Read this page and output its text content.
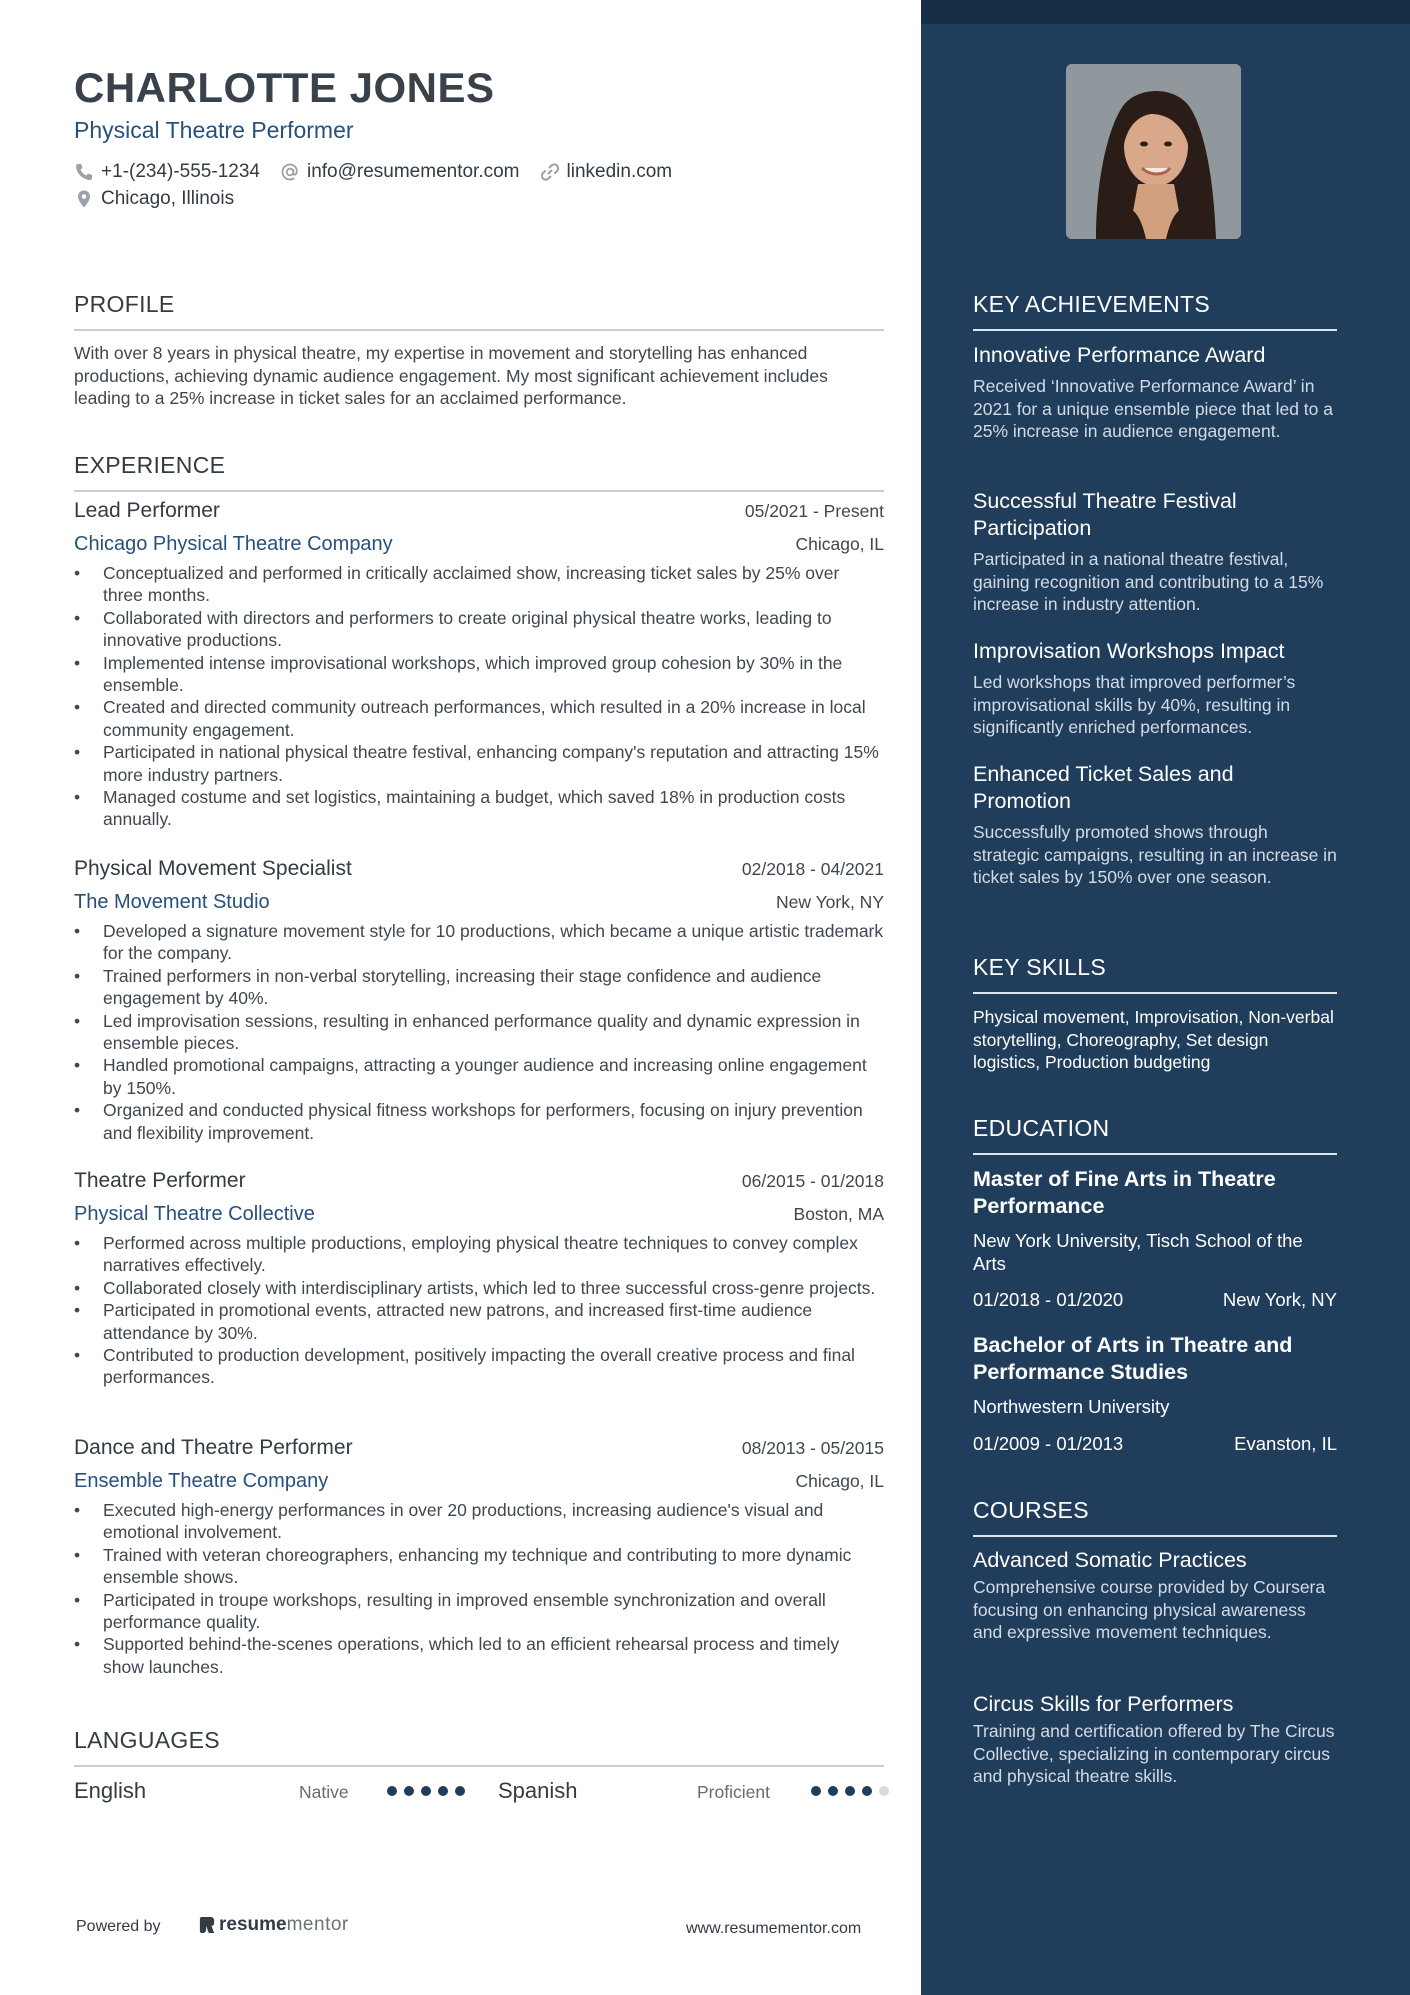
CHARLOTTE JONES
Physical Theatre Performer
+1-(234)-555-1234 info@resumementor.com linkedin.com
Chicago, Illinois
PROFILE
With over 8 years in physical theatre, my expertise in movement and storytelling has enhanced productions, achieving dynamic audience engagement. My most significant achievement includes leading to a 25% increase in ticket sales for an acclaimed performance.
EXPERIENCE
Lead Performer	05/2021 - Present
Chicago Physical Theatre Company	Chicago, IL
• Conceptualized and performed in critically acclaimed show, increasing ticket sales by 25% over three months.
• Collaborated with directors and performers to create original physical theatre works, leading to innovative productions.
• Implemented intense improvisational workshops, which improved group cohesion by 30% in the ensemble.
• Created and directed community outreach performances, which resulted in a 20% increase in local community engagement.
• Participated in national physical theatre festival, enhancing company's reputation and attracting 15% more industry partners.
• Managed costume and set logistics, maintaining a budget, which saved 18% in production costs annually.
Physical Movement Specialist	02/2018 - 04/2021
The Movement Studio	New York, NY
• Developed a signature movement style for 10 productions, which became a unique artistic trademark for the company.
• Trained performers in non-verbal storytelling, increasing their stage confidence and audience engagement by 40%.
• Led improvisation sessions, resulting in enhanced performance quality and dynamic expression in ensemble pieces.
• Handled promotional campaigns, attracting a younger audience and increasing online engagement by 150%.
• Organized and conducted physical fitness workshops for performers, focusing on injury prevention and flexibility improvement.
Theatre Performer	06/2015 - 01/2018
Physical Theatre Collective	Boston, MA
• Performed across multiple productions, employing physical theatre techniques to convey complex narratives effectively.
• Collaborated closely with interdisciplinary artists, which led to three successful cross-genre projects.
• Participated in promotional events, attracted new patrons, and increased first-time audience attendance by 30%.
• Contributed to production development, positively impacting the overall creative process and final performances.
Dance and Theatre Performer	08/2013 - 05/2015
Ensemble Theatre Company	Chicago, IL
• Executed high-energy performances in over 20 productions, increasing audience's visual and emotional involvement.
• Trained with veteran choreographers, enhancing my technique and contributing to more dynamic ensemble shows.
• Participated in troupe workshops, resulting in improved ensemble synchronization and overall performance quality.
• Supported behind-the-scenes operations, which led to an efficient rehearsal process and timely show launches.
LANGUAGES
English	Native	Spanish	Proficient
Powered by	resume mentor	www.resumementor.com
KEY ACHIEVEMENTS
Innovative Performance Award
Received ‘Innovative Performance Award’ in 2021 for a unique ensemble piece that led to a 25% increase in audience engagement.
Successful Theatre Festival Participation
Participated in a national theatre festival, gaining recognition and contributing to a 15% increase in industry attention.
Improvisation Workshops Impact
Led workshops that improved performer’s improvisational skills by 40%, resulting in significantly enriched performances.
Enhanced Ticket Sales and Promotion
Successfully promoted shows through strategic campaigns, resulting in an increase in ticket sales by 150% over one season.
KEY SKILLS
Physical movement, Improvisation, Non-verbal storytelling, Choreography, Set design logistics, Production budgeting
EDUCATION
Master of Fine Arts in Theatre Performance
New York University, Tisch School of the Arts
01/2018 - 01/2020	New York, NY
Bachelor of Arts in Theatre and Performance Studies
Northwestern University
01/2009 - 01/2013	Evanston, IL
COURSES
Advanced Somatic Practices
Comprehensive course provided by Coursera focusing on enhancing physical awareness and expressive movement techniques.
Circus Skills for Performers
Training and certification offered by The Circus Collective, specializing in contemporary circus and physical theatre skills.
